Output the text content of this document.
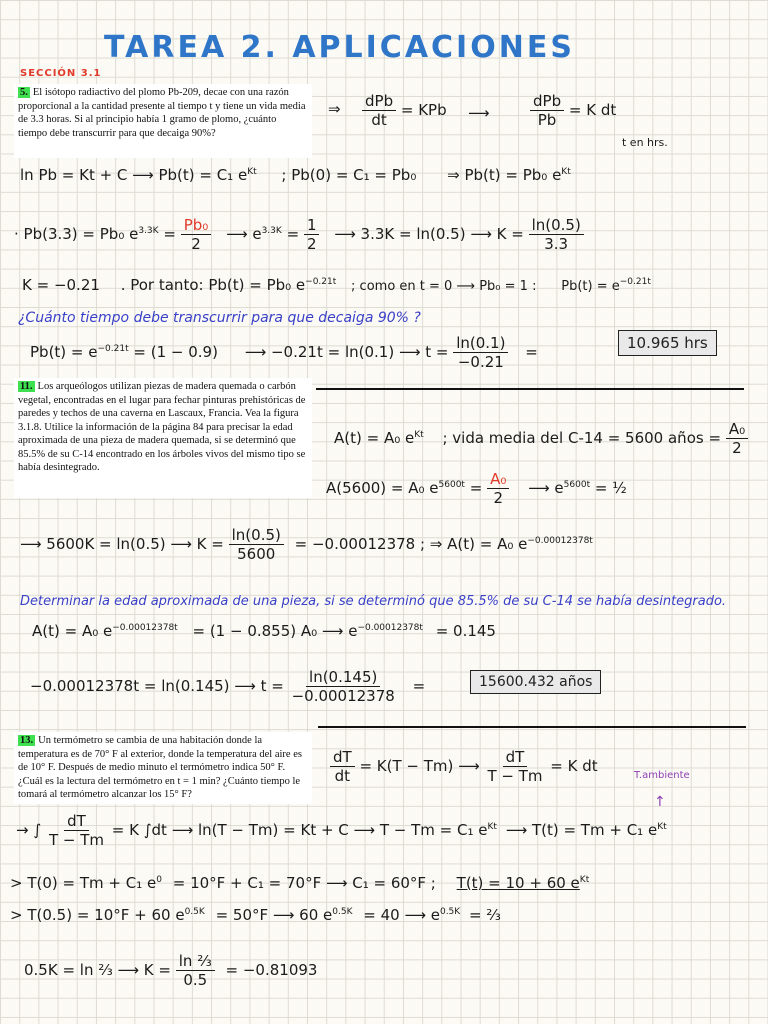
TAREA 2. APLICACIONES
SECCIÓN 3.1
5. El isótopo radiactivo del plomo Pb-209, decae con una razón proporcional a la cantidad presente al tiempo t y tiene un vida media de 3.3 horas. Si al principio había 1 gramo de plomo, ¿cuánto tiempo debe transcurrir para que decaiga 90%?
⇒ $\frac{\text{dPb}}{dt}$ = KPb ⟶	$\frac{\text{dPb}}{Pb} = K$ dt
t en hrs.
ln Pb = Kt + C ⟶ Pb(t) = C₁ $e^{Kt}$ ; Pb(0) = C₁ = Pb₀ ⇒ Pb(t) = Pb₀ $e^{Kt}$
· Pb(3.3) = Pb₀ $e^{3.3K} = \frac{\text{Pb₀}}{2}$ ⟶ $e^{3.3K} = \frac{1}{2}$ ⟶ 3.3K = ln(0.5) ⟶ $K = \frac{\ln(0.5)}{3.3}$
K = −0.21 . Por tanto: Pb(t) = Pb₀ $e^{-0.21t}$ ; como en t = 0 ⟶ Pb₀ = 1 : $Pb(t) = e^{-0.21t}$
¿Cuánto tiempo debe transcurrir para que decaiga 90% ?
$Pb(t) = e^{-0.21t} = (1 - 0.9)$ ⟶ −0.21t = ln(0.1) ⟶ $t = \frac{\ln(0.1)}{-0.21}$ =	10.965 hrs
11. Los arqueólogos utilizan piezas de madera quemada o carbón vegetal, encontradas en el lugar para fechar pinturas prehistóricas de paredes y techos de una caverna en Lascaux, Francia. Vea la figura 3.1.8. Utilice la información de la página 84 para precisar la edad aproximada de una pieza de madera quemada, si se determinó que 85.5% de su C-14 encontrado en los árboles vivos del mismo tipo se había desintegrado.
A(t) = A₀ $e^{Kt}$ ; vida media del C-14 = 5600 años = $\frac{\text{A₀}}{2}$
A(5600) = A₀ $e^{5600t} = \frac{\text{A₀}}{2}$ ⟶ $e^{5600t}$ = ½
⟶ 5600K = ln(0.5) ⟶ $K = \frac{\ln(0.5)}{5600} = -0.00012378$ ; ⇒ A(t) = A₀ $e^{-0.00012378t}$
Determinar la edad aproximada de una pieza, si se determinó que 85.5% de su C-14 se había desintegrado.
A(t) = A₀ $e^{-0.00012378t} = (1 - 0.855)$ A₀ ⟶ $e^{-0.00012378t} = 0.145$
−0.00012378t = ln(0.145) ⟶ $t = \frac{\ln(0.145)}{-0.00012378}$ =	15600.432 años
13. Un termómetro se cambia de una habitación donde la temperatura es de 70° F al exterior, donde la temperatura del aire es de 10° F. Después de medio minuto el termómetro indica 50° F. ¿Cuál es la lectura del termómetro en t = 1 min? ¿Cuánto tiempo le tomará al termómetro alcanzar los 15° F?
$\frac{dT}{dt} = K(T - Tm)$ ⟶ $\frac{dT}{T - Tm} = K$ dt
T.ambiente
↑
→ ∫ $\frac{dT}{T - Tm} = K$ ∫dt ⟶ ln(T − Tm) = Kt + C ⟶ T − Tm = C₁ $e^{Kt}$ ⟶ T(t) = Tm + C₁ $e^{Kt}$
> T(0) = Tm + C₁ $e^0 = 10^\circ F + C_1 = 70^\circ F$ ⟶ C₁ = 60°F ; T(t) = 10 + 60 $e^{Kt}$
> T(0.5) = 10°F + 60 $e^{0.5K} = 50^\circ F$ ⟶ 60 $e^{0.5K} = 40$ ⟶ $e^{0.5K}$ = ²⁄₃
0.5K = ln ²⁄₃ ⟶ $K = \frac{\text{ln ²⁄₃}}{0.5} = -0.81093$
